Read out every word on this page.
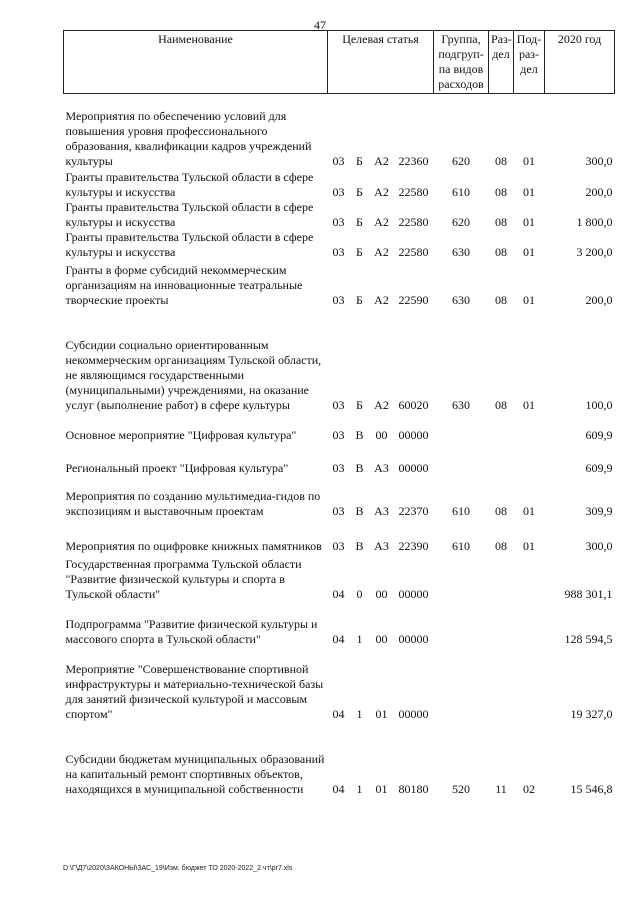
47
Наименование	Целевая статья				Группа, подгруп-па видов расходов	Раз-дел	Под-раз-дел	2020 год
Мероприятия по обеспечению условий для повышения уровня профессионального образования, квалификации кадров учреждений культуры	03	Б	А2	22360	620	08	01	300,0
Гранты правительства Тульской области в сфере культуры и искусства	03	Б	А2	22580	610	08	01	200,0
Гранты правительства Тульской области в сфере культуры и искусства	03	Б	А2	22580	620	08	01	1 800,0
Гранты правительства Тульской области в сфере культуры и искусства	03	Б	А2	22580	630	08	01	3 200,0
Гранты в форме субсидий некоммерческим организациям на инновационные театральные творческие проекты	03	Б	А2	22590	630	08	01	200,0
Субсидии социально ориентированным некоммерческим организациям Тульской области, не являющимся государственными (муниципальными) учреждениями, на оказание услуг (выполнение работ) в сфере культуры	03	Б	А2	60020	630	08	01	100,0
Основное мероприятие "Цифровая культура"	03	В	00	00000				609,9
Региональный проект "Цифровая культура"	03	В	А3	00000				609,9
Мероприятия по созданию мультимедиа-гидов по экспозициям и выставочным проектам	03	В	А3	22370	610	08	01	309,9
Мероприятия по оцифровке книжных памятников	03	В	А3	22390	610	08	01	300,0
Государственная программа Тульской области "Развитие физической культуры и спорта в Тульской области"	04	0	00	00000				988 301,1
Подпрограмма "Развитие физической культуры и массового спорта в Тульской области"	04	1	00	00000				128 594,5
Мероприятие "Совершенствование спортивной инфраструктуры и материально-технической базы для занятий физической культурой и массовым спортом"	04	1	01	00000				19 327,0
Субсидии бюджетам муниципальных образований на капитальный ремонт спортивных объектов, находящихся в муниципальной собственности	04	1	01	80180	520	11	02	15 546,8
D:\Г\Д7\2020\ЗАКОНЫ\ЗАС_19\Изм. бюджет ТО 2020-2022_2 чт\pr7.xls
